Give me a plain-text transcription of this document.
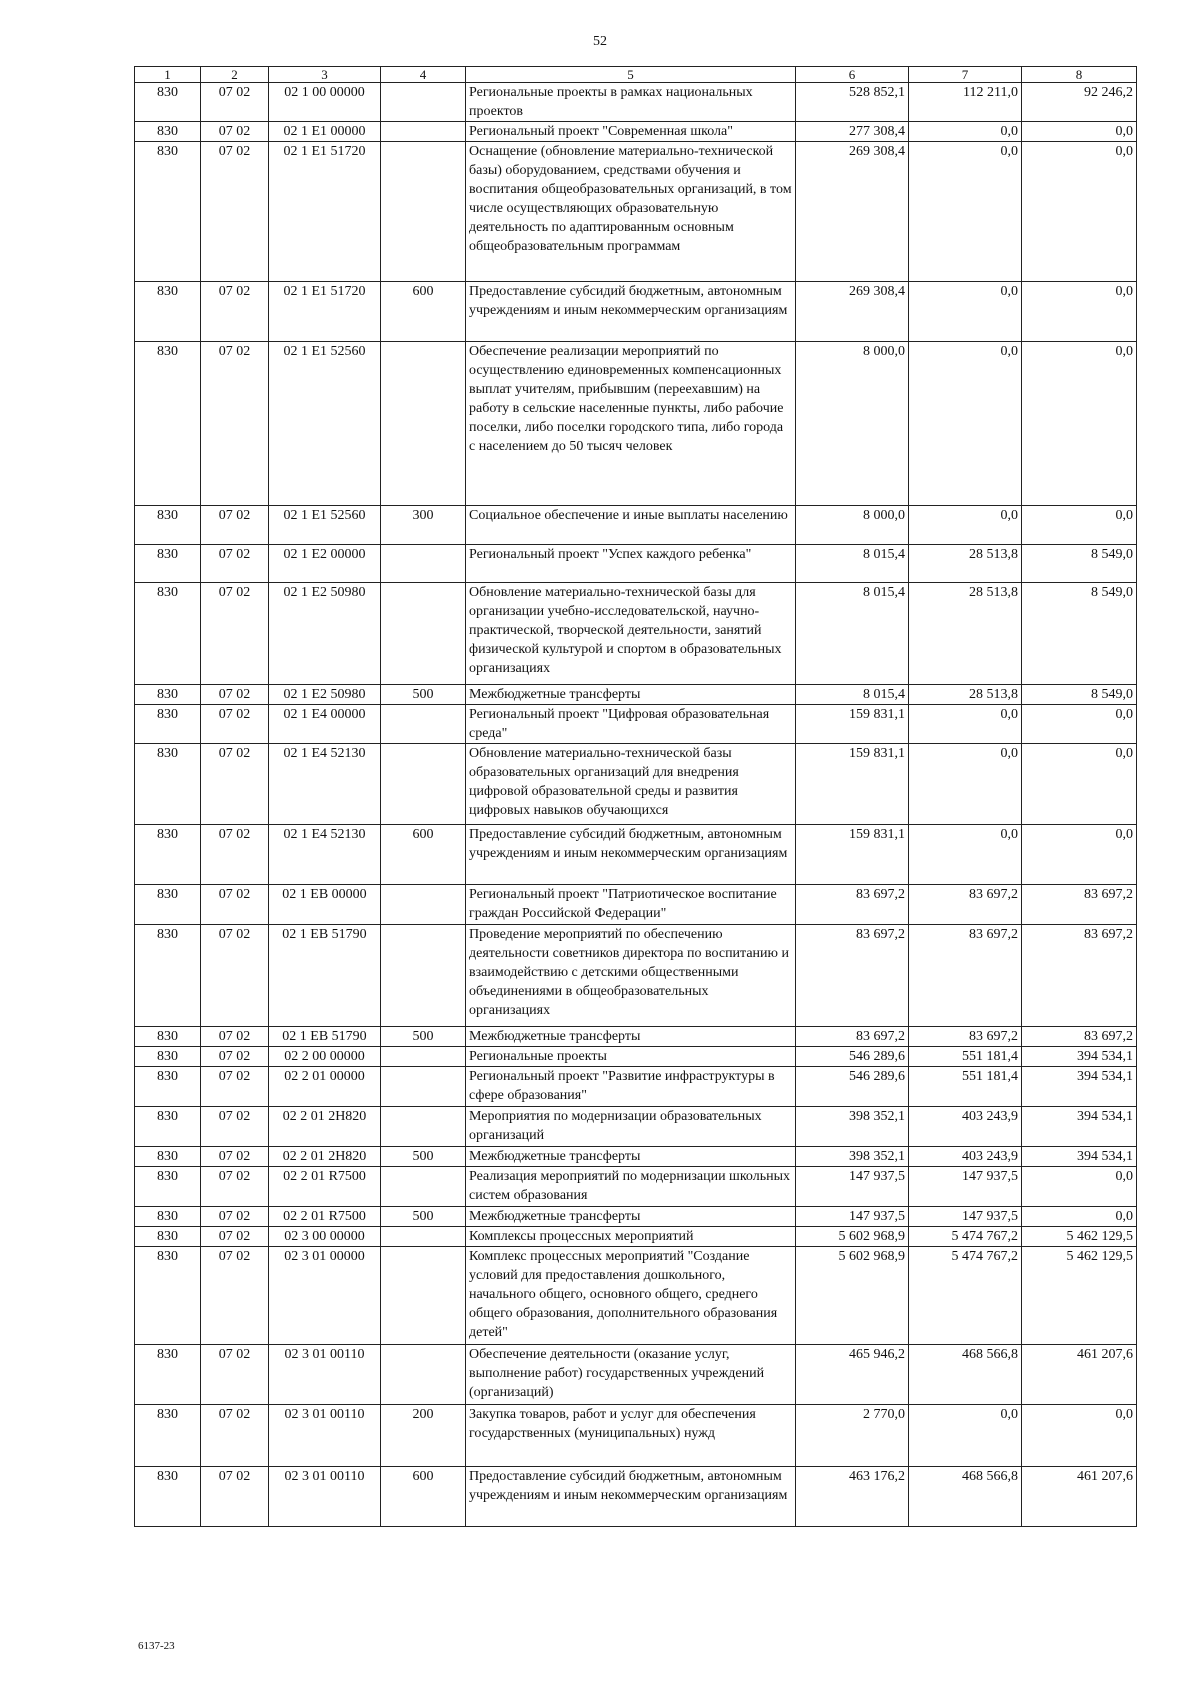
52
1	2	3	4	5	6	7	8
830	07 02	02 1 00 00000		Региональные проекты в рамках национальных проектов	528 852,1	112 211,0	92 246,2
830	07 02	02 1 E1 00000		Региональный проект "Современная школа"	277 308,4	0,0	0,0
830	07 02	02 1 E1 51720		Оснащение (обновление материально-технической базы) оборудованием, средствами обучения и воспитания общеобразовательных организаций, в том числе осуществляющих образовательную деятельность по адаптированным основным общеобразовательным программам	269 308,4	0,0	0,0
830	07 02	02 1 E1 51720	600	Предоставление субсидий бюджетным, автономным учреждениям и иным некоммерческим организациям	269 308,4	0,0	0,0
830	07 02	02 1 E1 52560		Обеспечение реализации мероприятий по осуществлению единовременных компенсационных выплат учителям, прибывшим (переехавшим) на работу в сельские населенные пункты, либо рабочие поселки, либо поселки городского типа, либо города с населением до 50 тысяч человек	8 000,0	0,0	0,0
830	07 02	02 1 E1 52560	300	Социальное обеспечение и иные выплаты населению	8 000,0	0,0	0,0
830	07 02	02 1 E2 00000		Региональный проект "Успех каждого ребенка"	8 015,4	28 513,8	8 549,0
830	07 02	02 1 E2 50980		Обновление материально-технической базы для организации учебно-исследовательской, научно-практической, творческой деятельности, занятий физической культурой и спортом в образовательных организациях	8 015,4	28 513,8	8 549,0
830	07 02	02 1 E2 50980	500	Межбюджетные трансферты	8 015,4	28 513,8	8 549,0
830	07 02	02 1 E4 00000		Региональный проект "Цифровая образовательная среда"	159 831,1	0,0	0,0
830	07 02	02 1 E4 52130		Обновление материально-технической базы образовательных организаций для внедрения цифровой образовательной среды и развития цифровых навыков обучающихся	159 831,1	0,0	0,0
830	07 02	02 1 E4 52130	600	Предоставление субсидий бюджетным, автономным учреждениям и иным некоммерческим организациям	159 831,1	0,0	0,0
830	07 02	02 1 EB 00000		Региональный проект "Патриотическое воспитание граждан Российской Федерации"	83 697,2	83 697,2	83 697,2
830	07 02	02 1 EB 51790		Проведение мероприятий по обеспечению деятельности советников директора по воспитанию и взаимодействию с детскими общественными объединениями в общеобразовательных организациях	83 697,2	83 697,2	83 697,2
830	07 02	02 1 EB 51790	500	Межбюджетные трансферты	83 697,2	83 697,2	83 697,2
830	07 02	02 2 00 00000		Региональные проекты	546 289,6	551 181,4	394 534,1
830	07 02	02 2 01 00000		Региональный проект "Развитие инфраструктуры в сфере образования"	546 289,6	551 181,4	394 534,1
830	07 02	02 2 01 2H820		Мероприятия по модернизации образовательных организаций	398 352,1	403 243,9	394 534,1
830	07 02	02 2 01 2H820	500	Межбюджетные трансферты	398 352,1	403 243,9	394 534,1
830	07 02	02 2 01 R7500		Реализация мероприятий по модернизации школьных систем образования	147 937,5	147 937,5	0,0
830	07 02	02 2 01 R7500	500	Межбюджетные трансферты	147 937,5	147 937,5	0,0
830	07 02	02 3 00 00000		Комплексы процессных мероприятий	5 602 968,9	5 474 767,2	5 462 129,5
830	07 02	02 3 01 00000		Комплекс процессных мероприятий "Создание условий для предоставления дошкольного, начального общего, основного общего, среднего общего образования, дополнительного образования детей"	5 602 968,9	5 474 767,2	5 462 129,5
830	07 02	02 3 01 00110		Обеспечение деятельности (оказание услуг, выполнение работ) государственных учреждений (организаций)	465 946,2	468 566,8	461 207,6
830	07 02	02 3 01 00110	200	Закупка товаров, работ и услуг для обеспечения государственных (муниципальных) нужд	2 770,0	0,0	0,0
830	07 02	02 3 01 00110	600	Предоставление субсидий бюджетным, автономным учреждениям и иным некоммерческим организациям	463 176,2	468 566,8	461 207,6
6137-23
